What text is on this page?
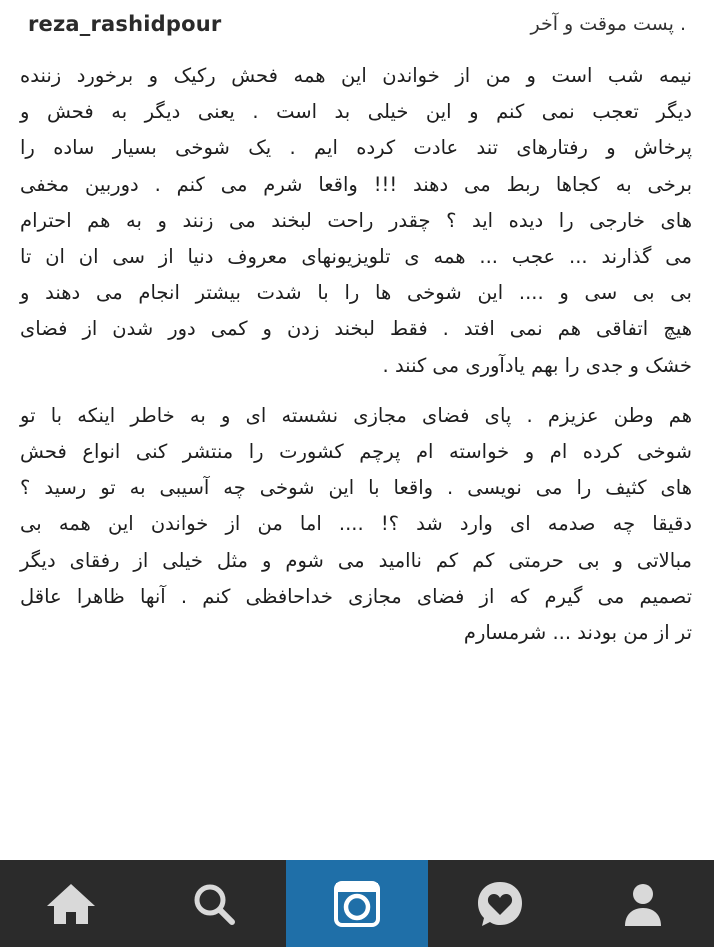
reza_rashidpour	. پست موقت و آخر

نیمه شب است و من از خواندن این همه فحش رکیک و برخورد زننده
دیگر تعجب نمی کنم و این خیلی بد است . یعنی دیگر به فحش و
پرخاش و رفتارهای تند عادت کرده ایم . یک شوخی بسیار ساده را
برخی به کجاها ربط می دهند !!! واقعا شرم می کنم . دوربین مخفی
های خارجی را دیده اید ؟ چقدر راحت لبخند می زنند و به هم احترام
می گذارند ... عجب ... همه ی تلویزیونهای معروف دنیا از سی ان ان تا
بی بی سی و .... این شوخی ها را با شدت بیشتر انجام می دهند و
هیچ اتفاقی هم نمی افتد . فقط لبخند زدن و کمی دور شدن از فضای
خشک و جدی را بهم یادآوری می کنند .

هم وطن عزیزم . پای فضای مجازی نشسته ای و به خاطر اینکه با تو
شوخی کرده ام و خواسته ام پرچم کشورت را منتشر کنی انواع فحش
های کثیف را می نویسی . واقعا با این شوخی چه آسیبی به تو رسید ؟
دقیقا چه صدمه ای وارد شد ؟! .... اما من از خواندن این همه بی
مبالاتی و بی حرمتی کم کم ناامید می شوم و مثل خیلی از رفقای دیگر
تصمیم می گیرم که از فضای مجازی خداحافظی کنم . آنها ظاهرا عاقل
تر از من بودند ... شرمسارم
